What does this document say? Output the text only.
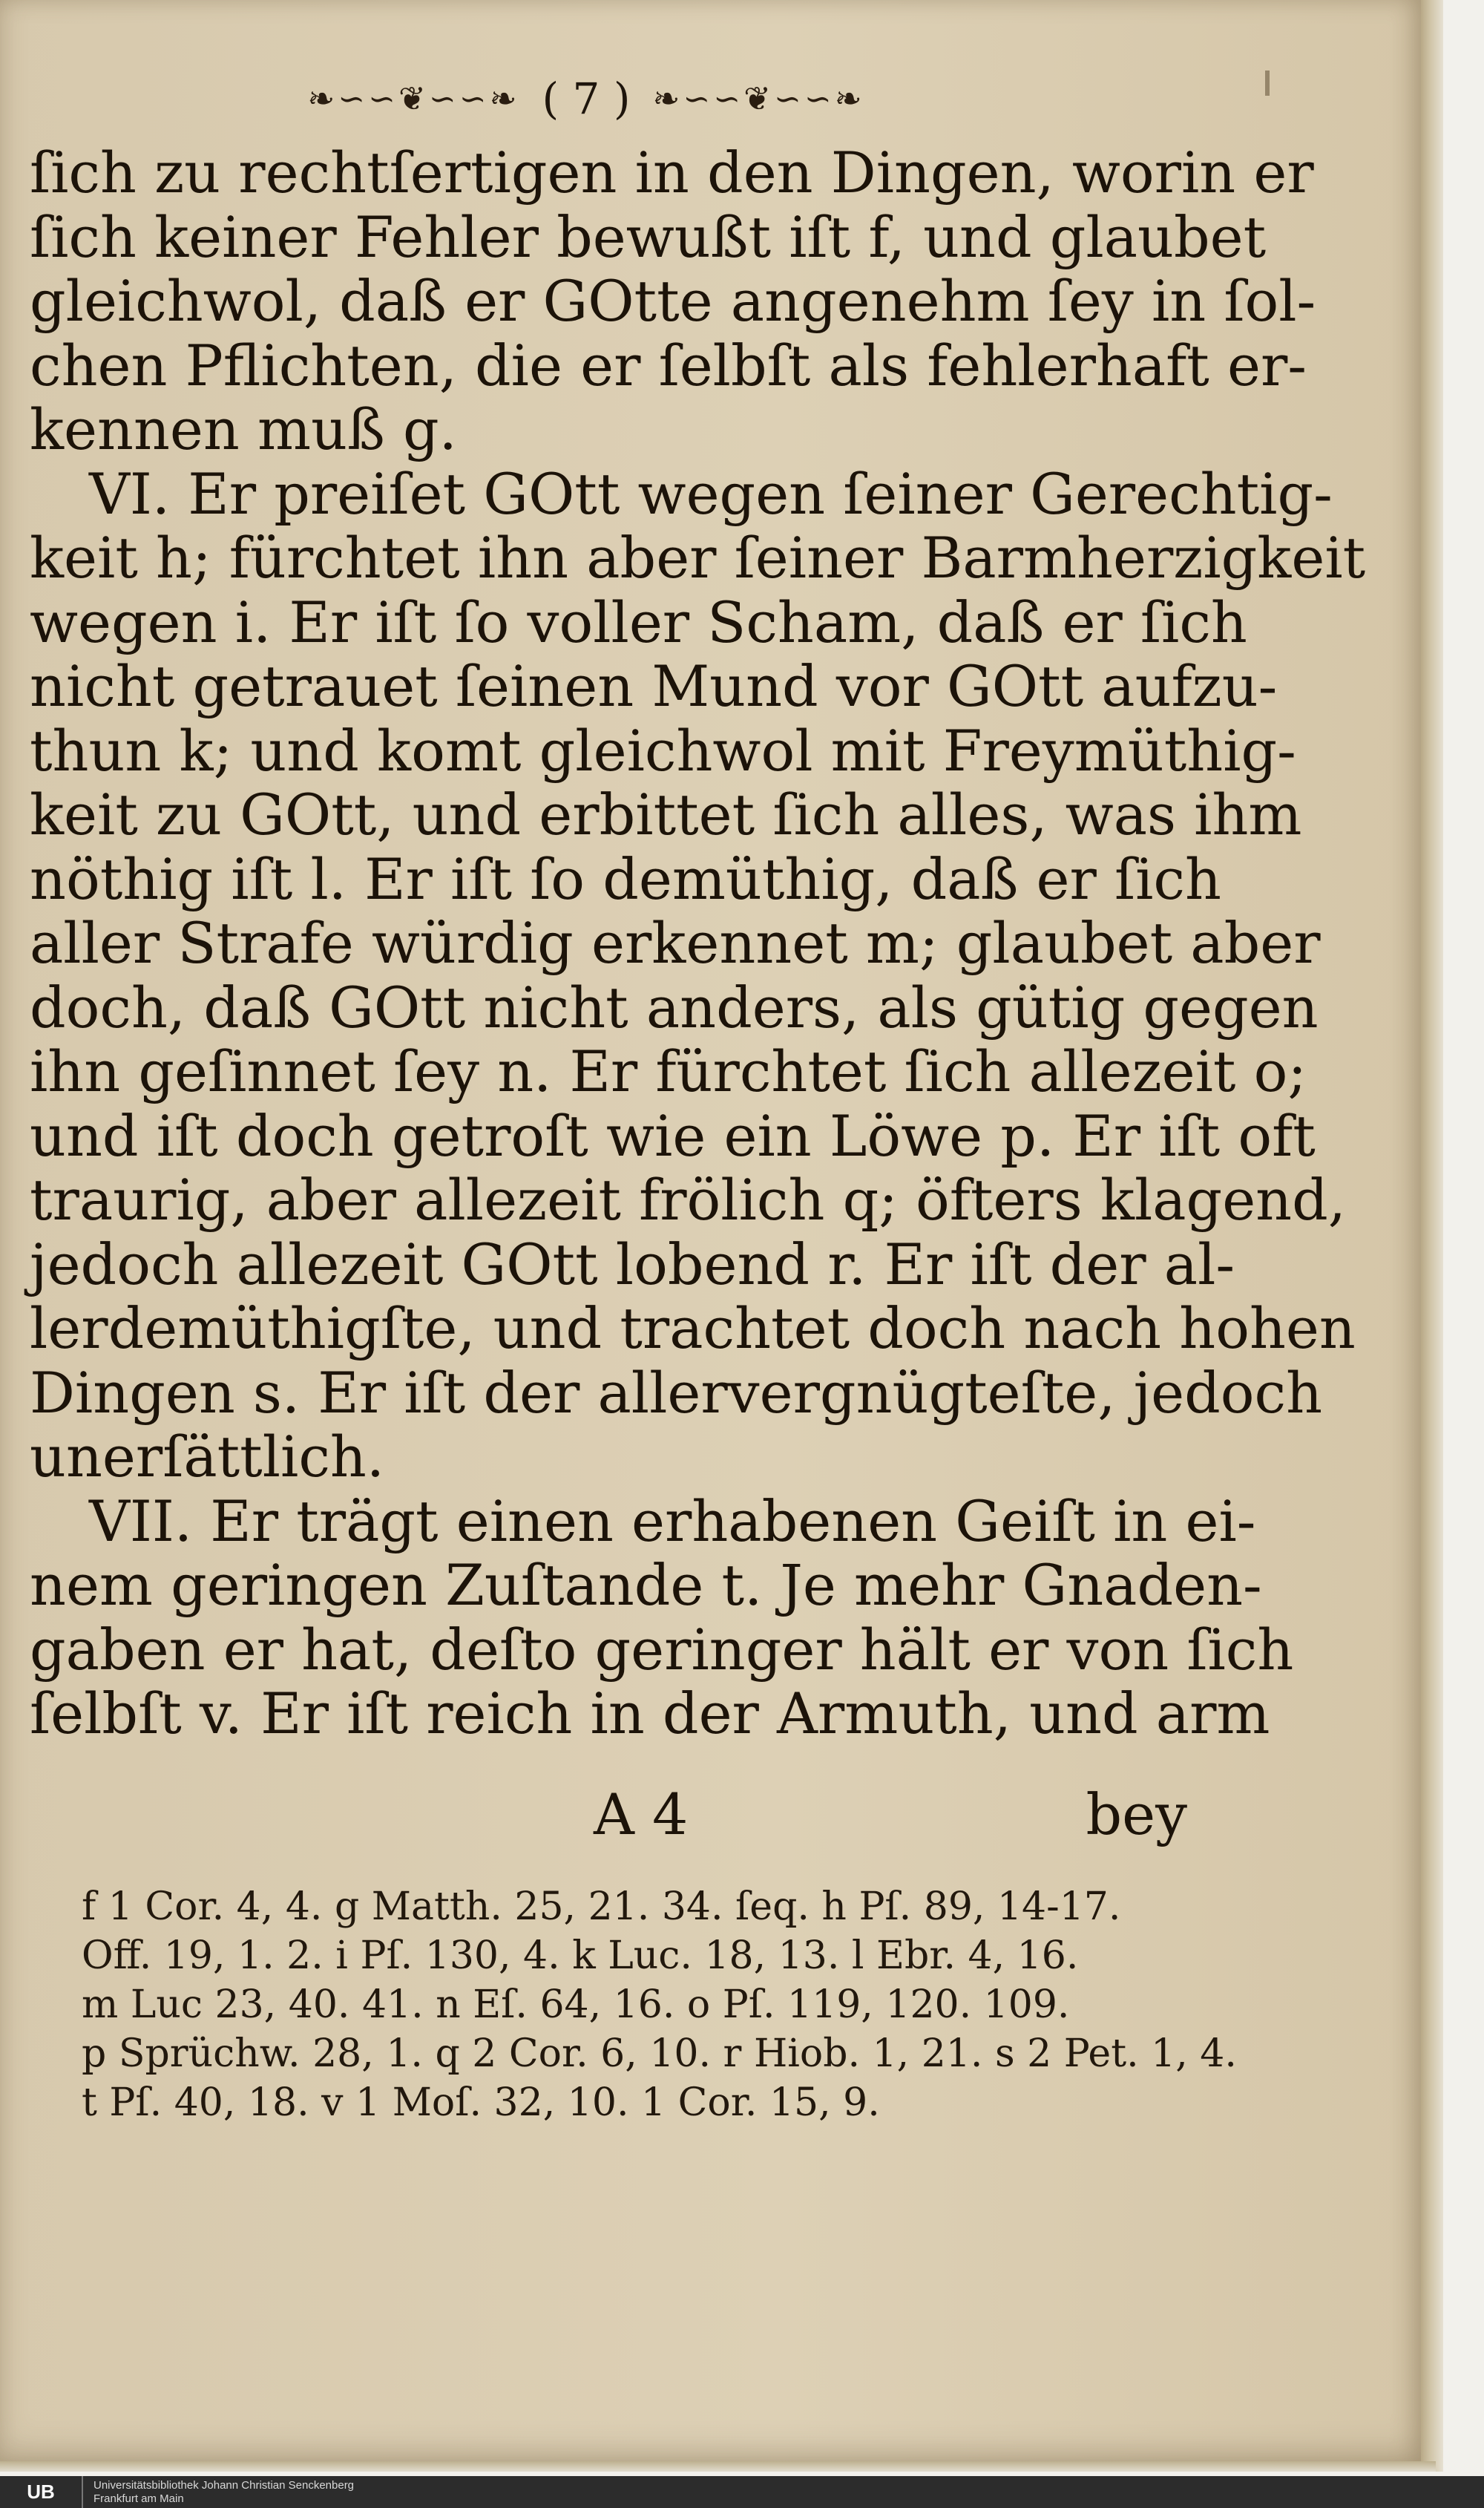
❧∽∽❦∽∽❧ ( 7 ) ❧∽∽❦∽∽❧
ſich zu rechtſertigen in den Dingen, worin er
ſich keiner Fehler bewußt iſt f, und glaubet
gleichwol, daß er GOtte angenehm ſey in ſol-
chen Pflichten, die er ſelbſt als fehlerhaft er-
kennen muß g.
VI. Er preiſet GOtt wegen ſeiner Gerechtig-
keit h; fürchtet ihn aber ſeiner Barmherzigkeit
wegen i. Er iſt ſo voller Scham, daß er ſich
nicht getrauet ſeinen Mund vor GOtt aufzu-
thun k; und komt gleichwol mit Freymüthig-
keit zu GOtt, und erbittet ſich alles, was ihm
nöthig iſt l. Er iſt ſo demüthig, daß er ſich
aller Strafe würdig erkennet m; glaubet aber
doch, daß GOtt nicht anders, als gütig gegen
ihn geſinnet ſey n. Er fürchtet ſich allezeit o;
und iſt doch getroſt wie ein Löwe p. Er iſt oft
traurig, aber allezeit frölich q; öfters klagend,
jedoch allezeit GOtt lobend r. Er iſt der al-
lerdemüthigſte, und trachtet doch nach hohen
Dingen s. Er iſt der allervergnügteſte, jedoch
unerſättlich.
VII. Er trägt einen erhabenen Geiſt in ei-
nem geringen Zuſtande t. Je mehr Gnaden-
gaben er hat, deſto geringer hält er von ſich
ſelbſt v. Er iſt reich in der Armuth, und arm
A 4	bey
f 1 Cor. 4, 4. g Matth. 25, 21. 34. ſeq. h Pſ. 89, 14-17.
Off. 19, 1. 2. i Pſ. 130, 4. k Luc. 18, 13. l Ebr. 4, 16.
m Luc 23, 40. 41. n Eſ. 64, 16. o Pſ. 119, 120. 109.
p Sprüchw. 28, 1. q 2 Cor. 6, 10. r Hiob. 1, 21. s 2 Pet. 1, 4.
t Pſ. 40, 18. v 1 Moſ. 32, 10. 1 Cor. 15, 9.
UB	Universitätsbibliothek Johann Christian Senckenberg
Frankfurt am Main
